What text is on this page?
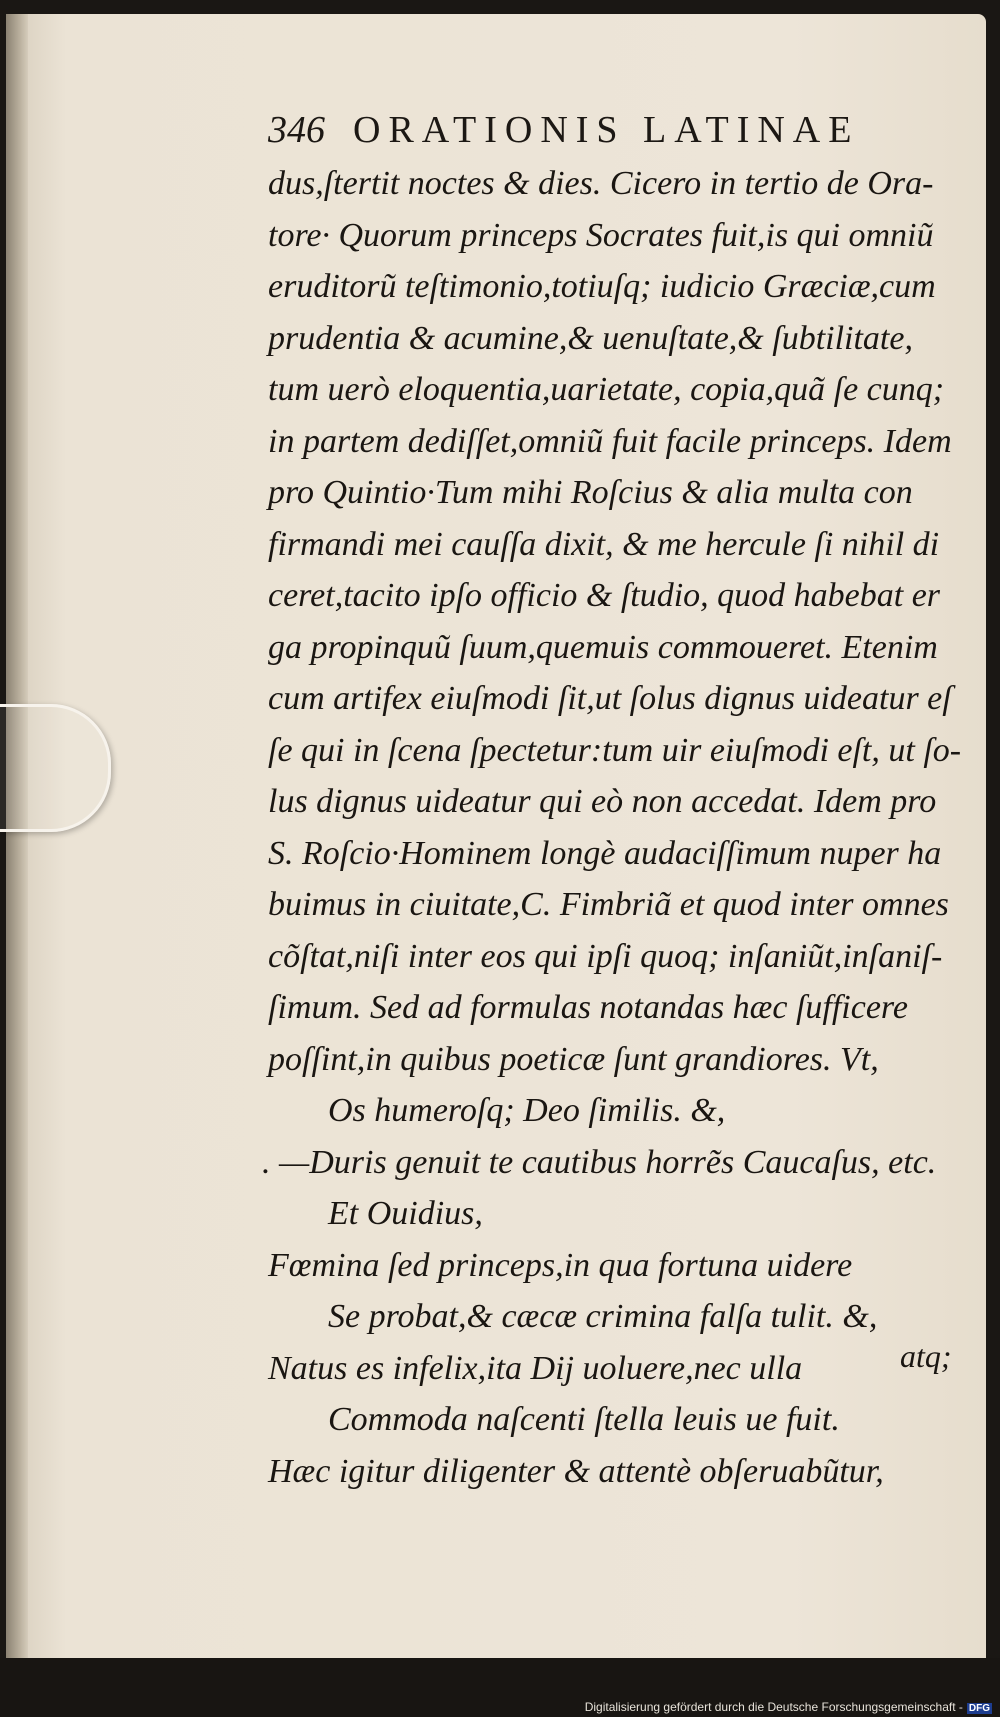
346 ORATIONIS LATINAE
dus,ſtertit noctes & dies. Cicero in tertio de Ora-
tore· Quorum princeps Socrates fuit,is qui omniũ
eruditorũ teſtimonio,totiuſq; iudicio Græciæ,cum
prudentia & acumine,& uenuſtate,& ſubtilitate,
tum uerò eloquentia,uarietate, copia,quã ſe cunq;
in partem dediſſet,omniũ fuit facile princeps. Idem
pro Quintio·Tum mihi Roſcius & alia multa con
firmandi mei cauſſa dixit, & me hercule ſi nihil di
ceret,tacito ipſo officio & ſtudio, quod habebat er
ga propinquũ ſuum,quemuis commoueret. Etenim
cum artifex eiuſmodi ſit,ut ſolus dignus uideatur eſ
ſe qui in ſcena ſpectetur:tum uir eiuſmodi eſt, ut ſo-
lus dignus uideatur qui eò non accedat. Idem pro
S. Roſcio·Hominem longè audaciſſimum nuper ha
buimus in ciuitate,C. Fimbriã et quod inter omnes
cõſtat,niſi inter eos qui ipſi quoq; inſaniũt,inſaniſ-
ſimum. Sed ad formulas notandas hæc ſufficere
poſſint,in quibus poeticæ ſunt grandiores. Vt,
Os humeroſq; Deo ſimilis. &,
. —Duris genuit te cautibus horrẽs Caucaſus, etc.
Et Ouidius,
Fœmina ſed princeps,in qua fortuna uidere
Se probat,& cæcæ crimina falſa tulit. &,
Natus es infelix,ita Dij uoluere,nec ulla
Commoda naſcenti ſtella leuis ue fuit.
Hæc igitur diligenter & attentè obſeruabũtur,
atq;
Digitalisierung gefördert durch die Deutsche Forschungsgemeinschaft - DFG
